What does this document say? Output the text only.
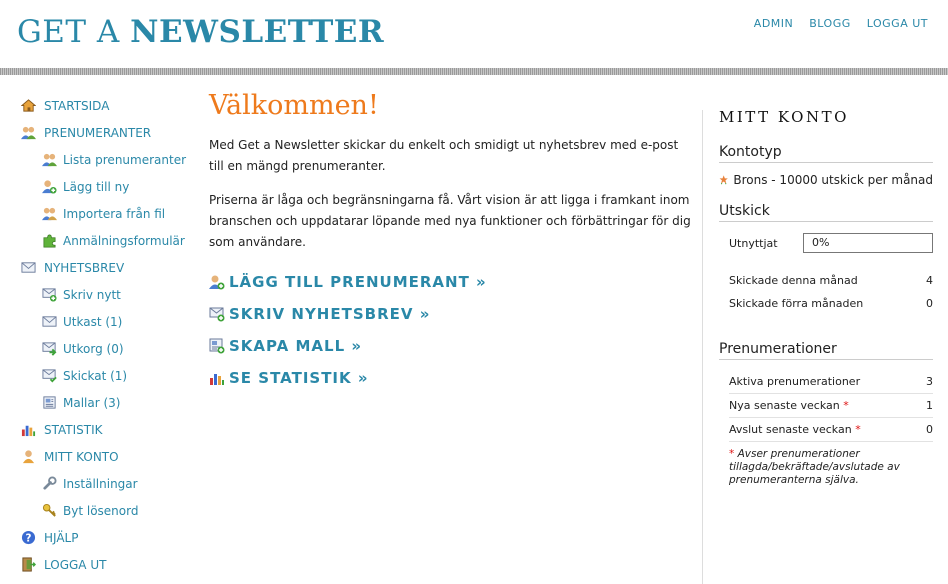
GET A NEWSLETTER	ADMIN BLOGG LOGGA UT
STARTSIDA
PRENUMERANTER
Lista prenumeranter
Lägg till ny
Importera från fil
Anmälningsformulär
NYHETSBREV
Skriv nytt
Utkast (1)
Utkorg (0)
Skickat (1)
Mallar (3)
STATISTIK
MITT KONTO
Inställningar
Byt lösenord
? HJÄLP
LOGGA UT
Välkommen!

Med Get a Newsletter skickar du enkelt och smidigt ut nyhetsbrev med e-post till en mängd prenumeranter.

Priserna är låga och begränsningarna få. Vårt vision är att ligga i framkant inom branschen och uppdatarar löpande med nya funktioner och förbättringar för dig som användare.

LÄGG TILL PRENUMERANT »
SKRIV NYHETSBREV »
SKAPA MALL »
SE STATISTIK »
MITT KONTO
Kontotyp
Brons - 10000 utskick per månad
Utskick
Utnyttjat	0%
Skickade denna månad	4
Skickade förra månaden	0
Prenumerationer
Aktiva prenumerationer	3
Nya senaste veckan *	1
Avslut senaste veckan *	0
* Avser prenumerationer tillagda/bekräftade/avslutade av prenumeranterna själva.
